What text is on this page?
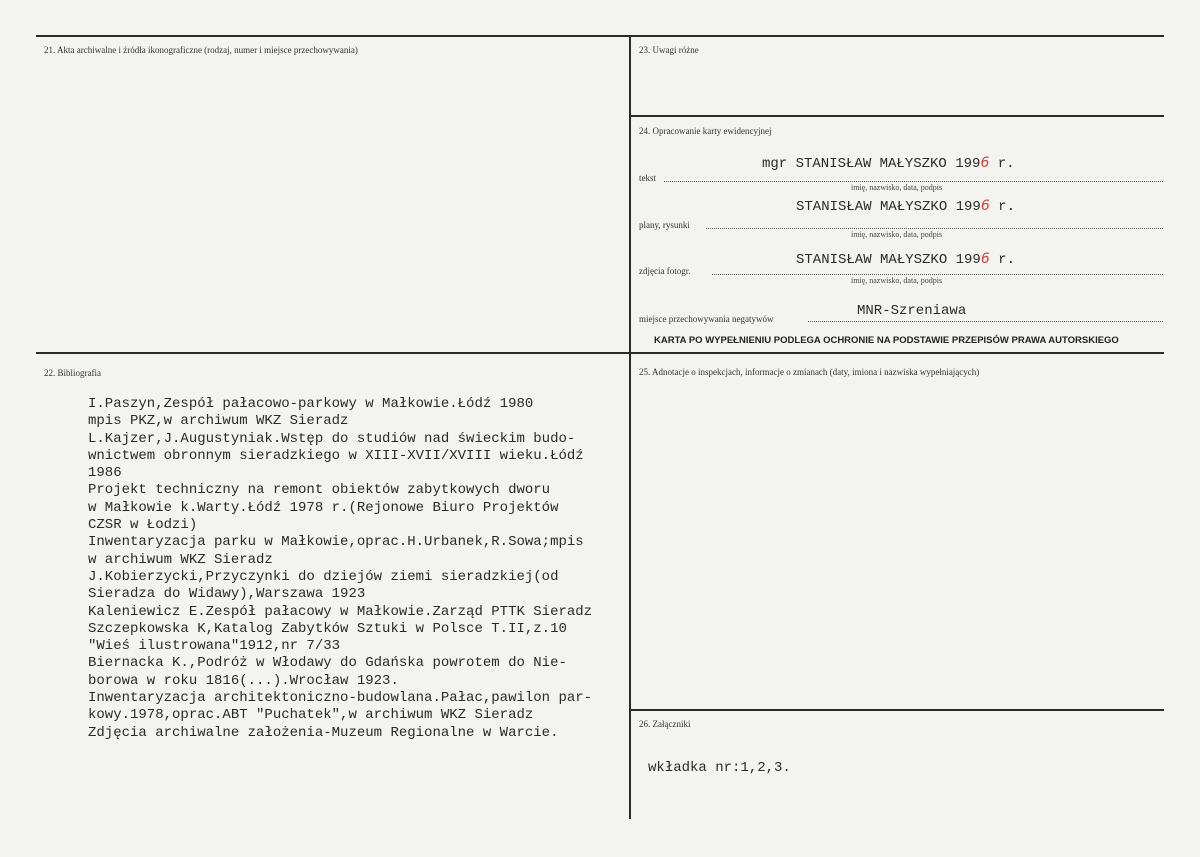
21. Akta archiwalne i źródła ikonograficzne (rodzaj, numer i miejsce przechowywania)	23. Uwagi różne
24. Opracowanie karty ewidencyjnej
22. Bibliografia	25. Adnotacje o inspekcjach, informacje o zmianach (daty, imiona i nazwiska wypełniających)
26. Załączniki
mgr STANISŁAW MAŁYSZKO 1996 r.
tekst
imię, nazwisko, data, podpis
STANISŁAW MAŁYSZKO 1996 r.
plany, rysunki
imię, nazwisko, data, podpis
STANISŁAW MAŁYSZKO 1996 r.
zdjęcia fotogr.
imię, nazwisko, data, podpis
MNR-Szreniawa
miejsce przechowywania negatywów
KARTA PO WYPEŁNIENIU PODLEGA OCHRONIE NA PODSTAWIE PRZEPISÓW PRAWA AUTORSKIEGO
I.Paszyn,Zespół pałacowo-parkowy w Małkowie.Łódź 1980
mpis PKZ,w archiwum WKZ Sieradz
L.Kajzer,J.Augustyniak.Wstęp do studiów nad świeckim budo-
wnictwem obronnym sieradzkiego w XIII-XVII/XVIII wieku.Łódź
1986
Projekt techniczny na remont obiektów zabytkowych dworu
w Małkowie k.Warty.Łódź 1978 r.(Rejonowe Biuro Projektów
CZSR w Łodzi)
Inwentaryzacja parku w Małkowie,oprac.H.Urbanek,R.Sowa;mpis
w archiwum WKZ Sieradz
J.Kobierzycki,Przyczynki do dziejów ziemi sieradzkiej(od
Sieradza do Widawy),Warszawa 1923
Kaleniewicz E.Zespół pałacowy w Małkowie.Zarząd PTTK Sieradz
Szczepkowska K,Katalog Zabytków Sztuki w Polsce T.II,z.10
"Wieś ilustrowana"1912,nr 7/33
Biernacka K.,Podróż w Włodawy do Gdańska powrotem do Nie-
borowa w roku 1816(...).Wrocław 1923.
Inwentaryzacja architektoniczno-budowlana.Pałac,pawilon par-
kowy.1978,oprac.ABT "Puchatek",w archiwum WKZ Sieradz
Zdjęcia archiwalne założenia-Muzeum Regionalne w Warcie.
wkładka nr:1,2,3.
